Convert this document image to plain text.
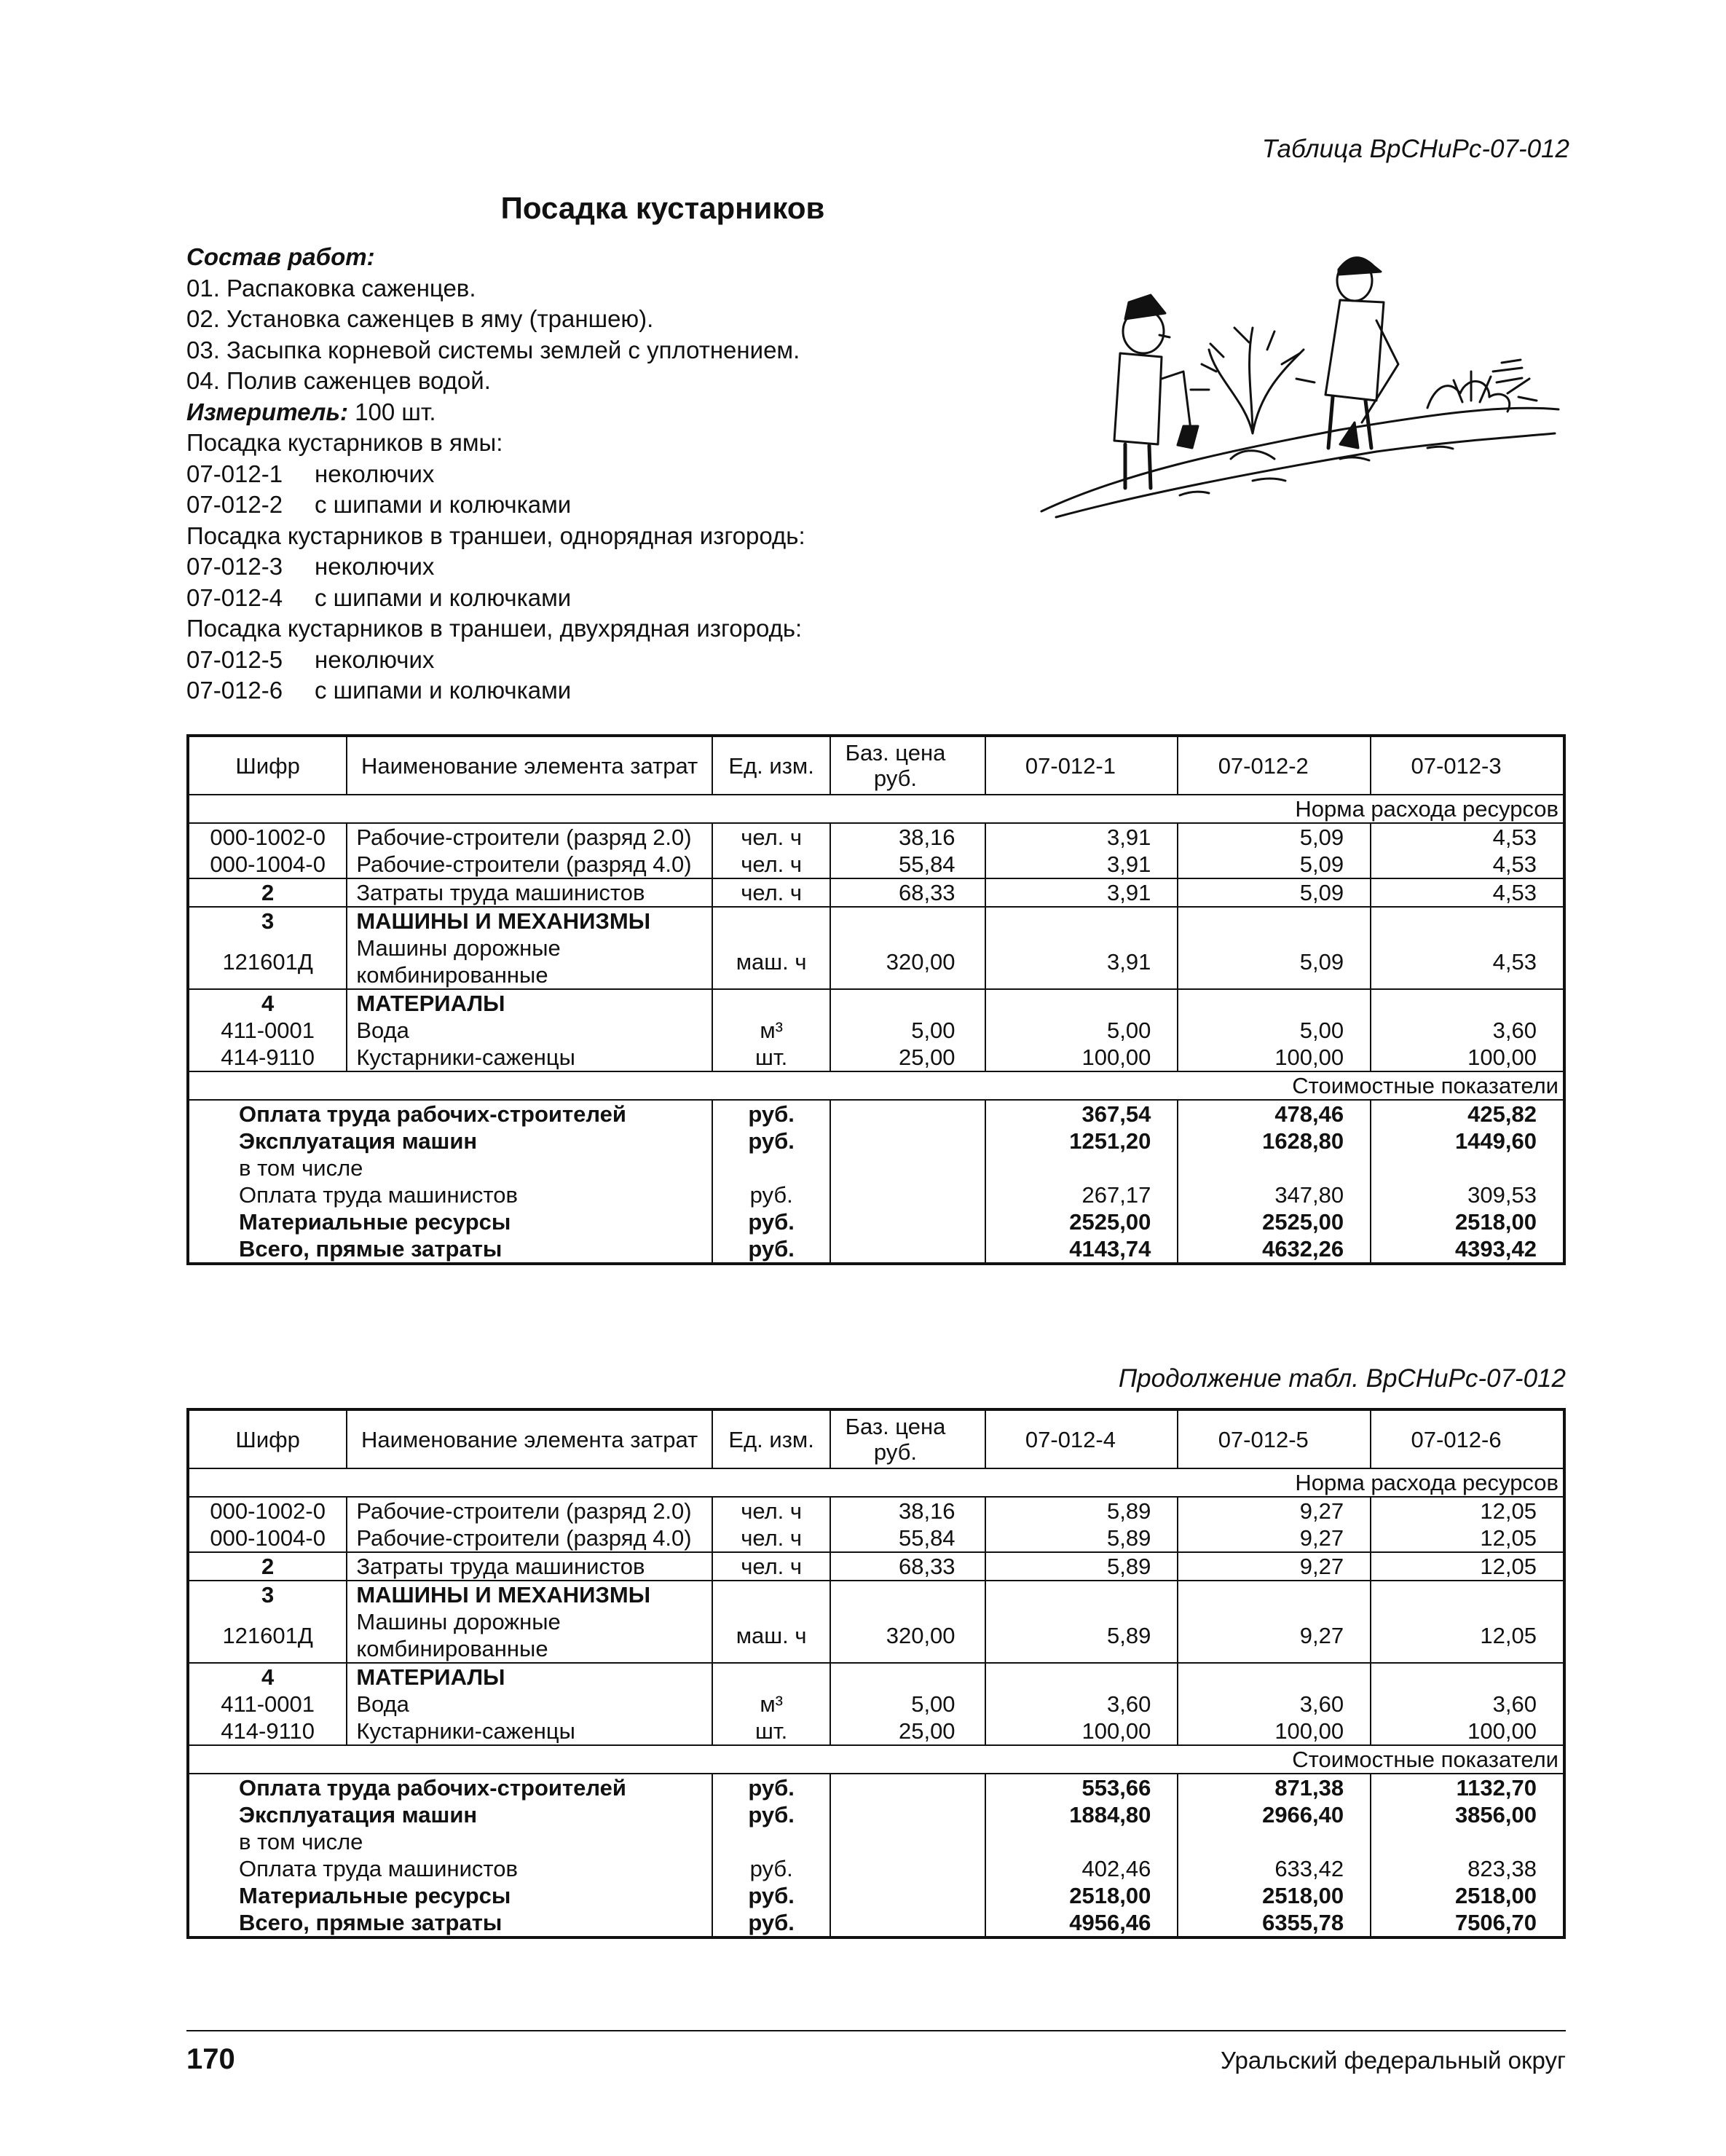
Таблица ВрСНиРс-07-012
Посадка кустарников
Состав работ:
01. Распаковка саженцев.
02. Установка саженцев в яму (траншею).
03. Засыпка корневой системы землей с уплотнением.
04. Полив саженцев водой.
Измеритель: 100 шт.
Посадка кустарников в ямы:
07-012-1 неколючих
07-012-2 с шипами и колючками
Посадка кустарников в траншеи, однорядная изгородь:
07-012-3 неколючих
07-012-4 с шипами и колючками
Посадка кустарников в траншеи, двухрядная изгородь:
07-012-5 неколючих
07-012-6 с шипами и колючками
Шифр	Наименование элемента затрат	Ед. изм.	Баз. цена руб.	07-012-1	07-012-2	07-012-3
Норма расхода ресурсов						
000-1002-0	Рабочие-строители (разряд 2.0)	чел. ч	38,16	3,91	5,09	4,53
000-1004-0	Рабочие-строители (разряд 4.0)	чел. ч	55,84	3,91	5,09	4,53
2	Затраты труда машинистов	чел. ч	68,33	3,91	5,09	4,53
3	МАШИНЫ И МЕХАНИЗМЫ					
121601Д	Машины дорожные комбинированные	маш. ч	320,00	3,91	5,09	4,53
4	МАТЕРИАЛЫ					
411-0001	Вода	м³	5,00	5,00	5,00	3,60
414-9110	Кустарники-саженцы	шт.	25,00	100,00	100,00	100,00
Стоимостные показатели						
Оплата труда рабочих-строителей		руб.		367,54	478,46	425,82
Эксплуатация машин		руб.		1251,20	1628,80	1449,60
в том числе						
Оплата труда машинистов		руб.		267,17	347,80	309,53
Материальные ресурсы		руб.		2525,00	2525,00	2518,00
Всего, прямые затраты		руб.		4143,74	4632,26	4393,42
Продолжение табл. ВрСНиРс-07-012
Шифр	Наименование элемента затрат	Ед. изм.	Баз. цена руб.	07-012-4	07-012-5	07-012-6
Норма расхода ресурсов						
000-1002-0	Рабочие-строители (разряд 2.0)	чел. ч	38,16	5,89	9,27	12,05
000-1004-0	Рабочие-строители (разряд 4.0)	чел. ч	55,84	5,89	9,27	12,05
2	Затраты труда машинистов	чел. ч	68,33	5,89	9,27	12,05
3	МАШИНЫ И МЕХАНИЗМЫ					
121601Д	Машины дорожные комбинированные	маш. ч	320,00	5,89	9,27	12,05
4	МАТЕРИАЛЫ					
411-0001	Вода	м³	5,00	3,60	3,60	3,60
414-9110	Кустарники-саженцы	шт.	25,00	100,00	100,00	100,00
Стоимостные показатели						
Оплата труда рабочих-строителей		руб.		553,66	871,38	1132,70
Эксплуатация машин		руб.		1884,80	2966,40	3856,00
в том числе						
Оплата труда машинистов		руб.		402,46	633,42	823,38
Материальные ресурсы		руб.		2518,00	2518,00	2518,00
Всего, прямые затраты		руб.		4956,46	6355,78	7506,70
170	Уральский федеральный округ
